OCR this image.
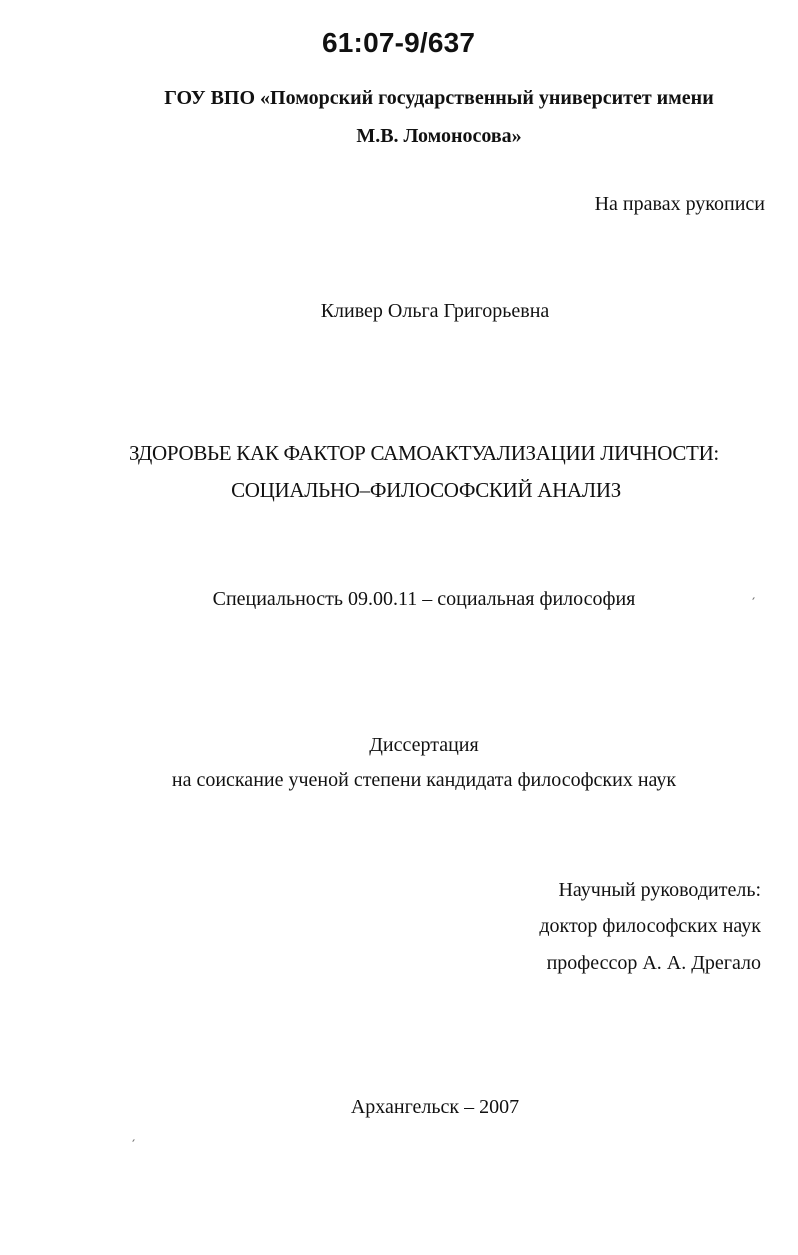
61:07-9/637
ГОУ ВПО «Поморский государственный университет имени
М.В. Ломоносова»
На правах рукописи
Кливер Ольга Григорьевна
ЗДОРОВЬЕ КАК ФАКТОР САМОАКТУАЛИЗАЦИИ ЛИЧНОСТИ:
СОЦИАЛЬНО–ФИЛОСОФСКИЙ АНАЛИЗ
Специальность 09.00.11 – социальная философия
Диссертация
на соискание ученой степени кандидата философских наук
Научный руководитель:
доктор философских наук
профессор А. А. Дрегало
Архангельск – 2007
